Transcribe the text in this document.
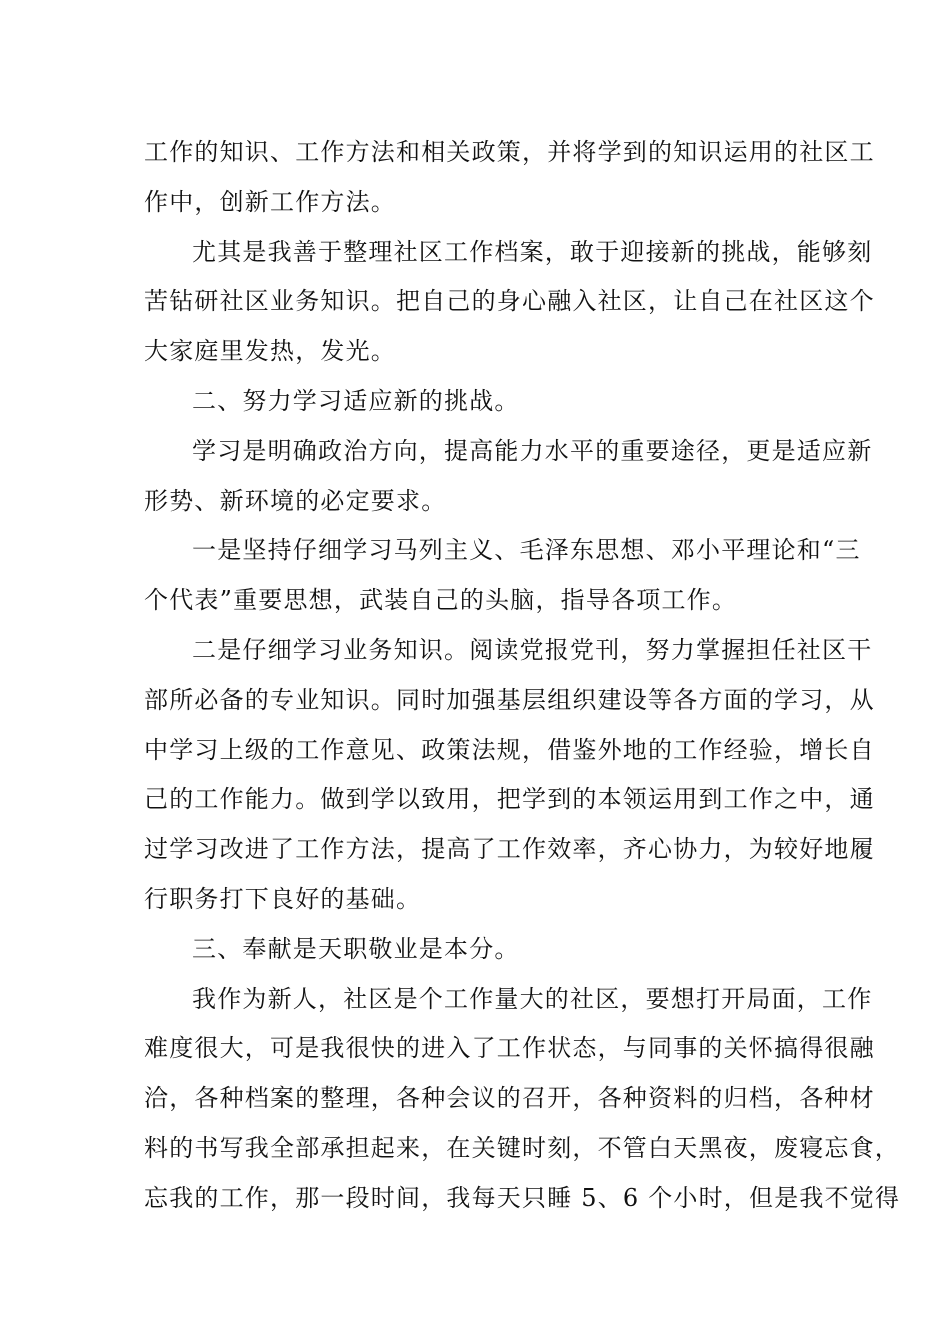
工作的知识、工作方法和相关政策，并将学到的知识运用的社区工
作中，创新工作方法。
尤其是我善于整理社区工作档案，敢于迎接新的挑战，能够刻
苦钻研社区业务知识。把自己的身心融入社区，让自己在社区这个
大家庭里发热，发光。
二、努力学习适应新的挑战。
学习是明确政治方向，提高能力水平的重要途径，更是适应新
形势、新环境的必定要求。
一是坚持仔细学习马列主义、毛泽东思想、邓小平理论和“三
个代表”重要思想，武装自己的头脑，指导各项工作。
二是仔细学习业务知识。阅读党报党刊，努力掌握担任社区干
部所必备的专业知识。同时加强基层组织建设等各方面的学习，从
中学习上级的工作意见、政策法规，借鉴外地的工作经验，增长自
己的工作能力。做到学以致用，把学到的本领运用到工作之中，通
过学习改进了工作方法，提高了工作效率，齐心协力，为较好地履
行职务打下良好的基础。
三、奉献是天职敬业是本分。
我作为新人，社区是个工作量大的社区，要想打开局面，工作
难度很大，可是我很快的进入了工作状态，与同事的关怀搞得很融
洽，各种档案的整理，各种会议的召开，各种资料的归档，各种材
料的书写我全部承担起来，在关键时刻，不管白天黑夜，废寝忘食，
忘我的工作，那一段时间，我每天只睡 5、6 个小时，但是我不觉得
